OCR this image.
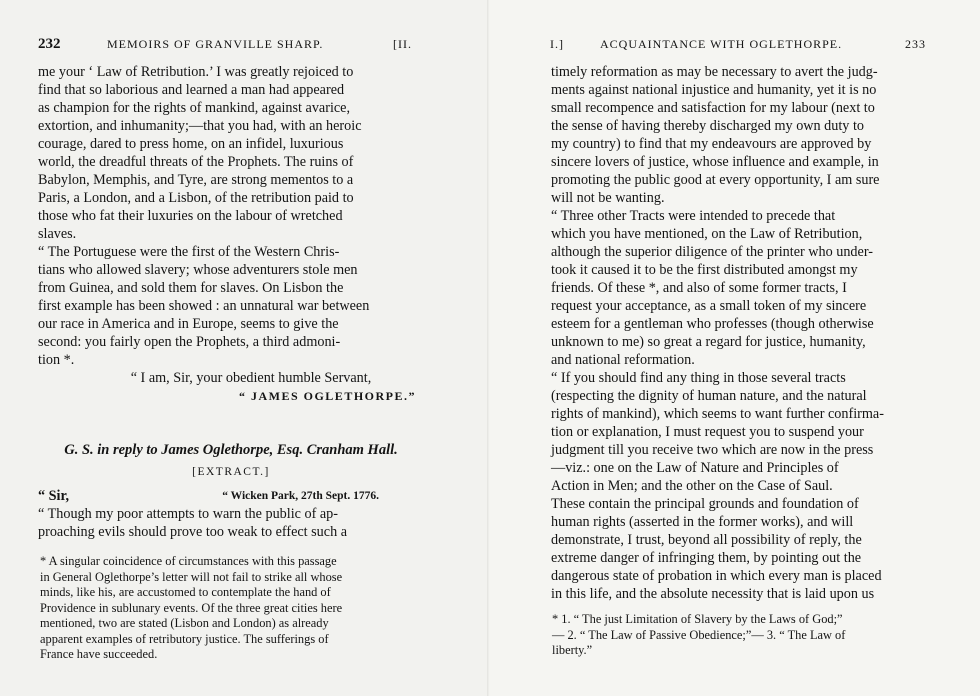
232	MEMOIRS OF GRANVILLE SHARP.	[II.

me your ‘ Law of Retribution.’ I was greatly rejoiced to
find that so laborious and learned a man had appeared
as champion for the rights of mankind, against avarice,
extortion, and inhumanity;—that you had, with an heroic
courage, dared to press home, on an infidel, luxurious
world, the dreadful threats of the Prophets. The ruins of
Babylon, Memphis, and Tyre, are strong mementos to a
Paris, a London, and a Lisbon, of the retribution paid to
those who fat their luxuries on the labour of wretched
slaves.

“ The Portuguese were the first of the Western Chris-
tians who allowed slavery; whose adventurers stole men
from Guinea, and sold them for slaves. On Lisbon the
first example has been showed : an unnatural war between
our race in America and in Europe, seems to give the
second: you fairly open the Prophets, a third admoni-
tion *.

“ I am, Sir, your obedient humble Servant,
“ JAMES OGLETHORPE.”
G. S. in reply to James Oglethorpe, Esq. Cranham Hall.
[EXTRACT.]
“ Sir,	“ Wicken Park, 27th Sept. 1776.

“ Though my poor attempts to warn the public of ap-
proaching evils should prove too weak to effect such a

* A singular coincidence of circumstances with this passage
in General Oglethorpe’s letter will not fail to strike all whose
minds, like his, are accustomed to contemplate the hand of
Providence in sublunary events. Of the three great cities here
mentioned, two are stated (Lisbon and London) as already
apparent examples of retributory justice. The sufferings of
France have succeeded.
I.]	ACQUAINTANCE WITH OGLETHORPE.	233

timely reformation as may be necessary to avert the judg-
ments against national injustice and humanity, yet it is no
small recompence and satisfaction for my labour (next to
the sense of having thereby discharged my own duty to
my country) to find that my endeavours are approved by
sincere lovers of justice, whose influence and example, in
promoting the public good at every opportunity, I am sure
will not be wanting.

“ Three other Tracts were intended to precede that
which you have mentioned, on the Law of Retribution,
although the superior diligence of the printer who under-
took it caused it to be the first distributed amongst my
friends. Of these *, and also of some former tracts, I
request your acceptance, as a small token of my sincere
esteem for a gentleman who professes (though otherwise
unknown to me) so great a regard for justice, humanity,
and national reformation.

“ If you should find any thing in those several tracts
(respecting the dignity of human nature, and the natural
rights of mankind), which seems to want further confirma-
tion or explanation, I must request you to suspend your
judgment till you receive two which are now in the press
—viz.: one on the Law of Nature and Principles of
Action in Men; and the other on the Case of Saul.
These contain the principal grounds and foundation of
human rights (asserted in the former works), and will
demonstrate, I trust, beyond all possibility of reply, the
extreme danger of infringing them, by pointing out the
dangerous state of probation in which every man is placed
in this life, and the absolute necessity that is laid upon us

* 1. “ The just Limitation of Slavery by the Laws of God;”
— 2. “ The Law of Passive Obedience;”— 3. “ The Law of
liberty.”
